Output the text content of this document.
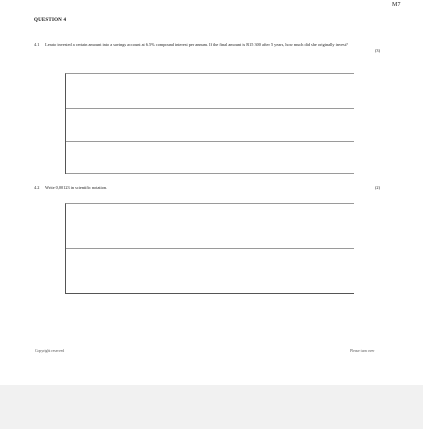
M7
QUESTION 4
4.1 Lerato invested a certain amount into a savings account at 6.5% compound interest per annum. If the final amount is R15 300 after 5 years, how much did she originally invest?
(3)
4.2 Write 0,00123 in scientific notation.	(2)
Copyright reserved	Please turn over
